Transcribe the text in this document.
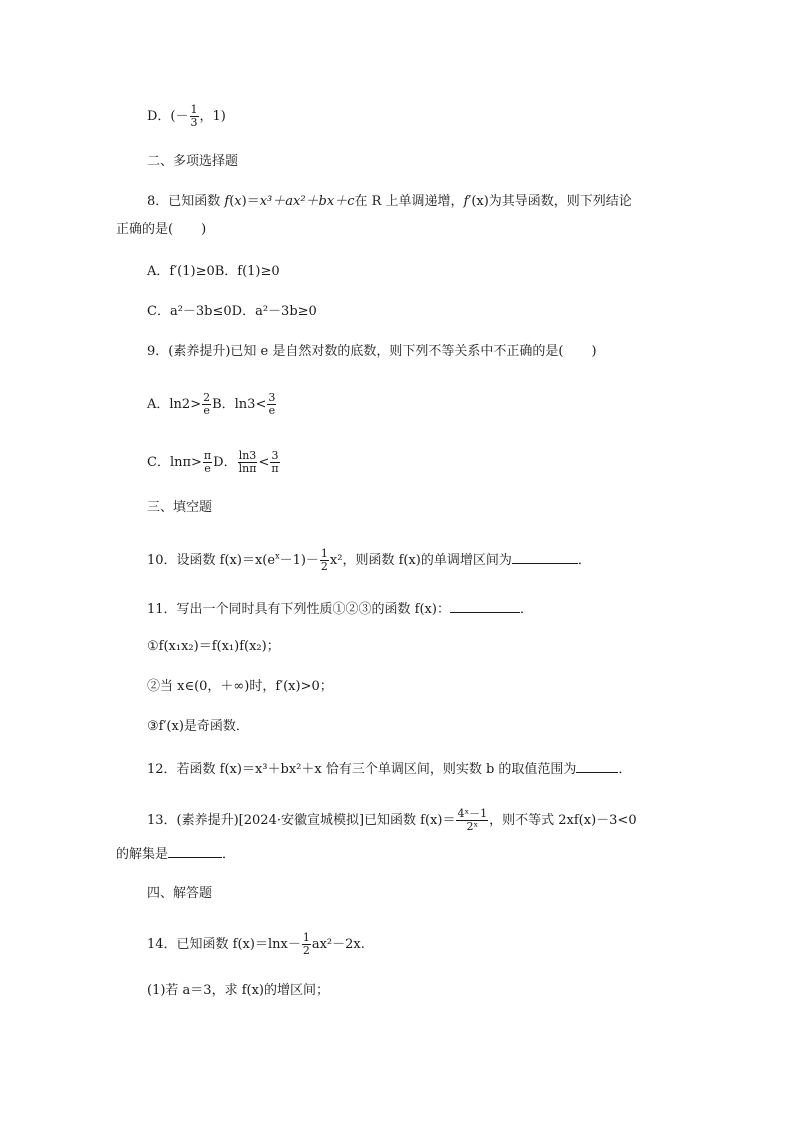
D．(－ $\frac{1}{3}$ ，1)
二、多项选择题
8．已知函数 f(x)＝x³＋ax²＋bx＋c在 R 上单调递增，f′(x)为其导函数，则下列结论
正确的是( )
A．f′(1)≥0B．f(1)≥0
C．a²－3b≤0D．a²－3b≥0
9．(素养提升)已知 e 是自然对数的底数，则下列不等关系中不正确的是( )
A．$\ln 2> \frac{2}{e}$ B．$\ln 3< \frac{3}{e}$
C．$\ln\pi> \frac{\pi}{e}$ D． $\frac{\ln 3}{\ln\pi} < \frac{3}{\pi}$
三、填空题
10．设函数 $f(x)=x(e^x-1)- \frac{1}{2} x^2$，则函数 f(x)的单调增区间为	．
11．写出一个同时具有下列性质①②③的函数 f(x)：	．
①f(x₁x₂)＝f(x₁)f(x₂)；
②当 x∈(0，＋∞)时，f′(x)>0；
③f′(x)是奇函数．
12．若函数 f(x)＝x³＋bx²＋x 恰有三个单调区间，则实数 b 的取值范围为	．
13．(素养提升)[2024·安徽宣城模拟]已知函数 $f(x)= \frac{\text{4ˣ－1}}{\text{2ˣ}}$ ，则不等式 2xf(x)－3<0
的解集是	．
四、解答题
14．已知函数 $f(x)=\ln x- \frac{1}{2} ax^2-2x$.
(1)若 a＝3，求 f(x)的增区间；
